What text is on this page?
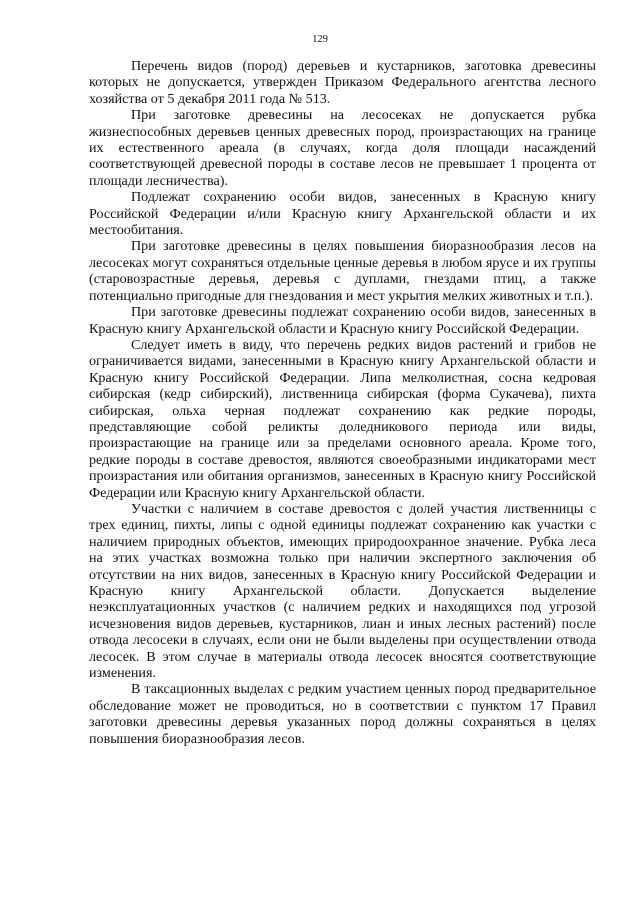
129

Перечень видов (пород) деревьев и кустарников, заготовка древесины которых не допускается, утвержден Приказом Федерального агентства лесного хозяйства от 5 декабря 2011 года № 513.

При заготовке древесины на лесосеках не допускается рубка жизнеспособных деревьев ценных древесных пород, произрастающих на границе их естественного ареала (в случаях, когда доля площади насаждений соответствующей древесной породы в составе лесов не превышает 1 процента от площади лесничества).

Подлежат сохранению особи видов, занесенных в Красную книгу Российской Федерации и/или Красную книгу Архангельской области и их местообитания.

При заготовке древесины в целях повышения биоразнообразия лесов на лесосеках могут сохраняться отдельные ценные деревья в любом ярусе и их группы (старовозрастные деревья, деревья с дуплами, гнездами птиц, а также потенциально пригодные для гнездования и мест укрытия мелких животных и т.п.).

При заготовке древесины подлежат сохранению особи видов, занесенных в Красную книгу Архангельской области и Красную книгу Российской Федерации.

Следует иметь в виду, что перечень редких видов растений и грибов не ограничивается видами, занесенными в Красную книгу Архангельской области и Красную книгу Российской Федерации. Липа мелколистная, сосна кедровая сибирская (кедр сибирский), лиственница сибирская (форма Сукачева), пихта сибирская, ольха черная подлежат сохранению как редкие породы, представляющие собой реликты доледникового периода или виды, произрастающие на границе или за пределами основного ареала. Кроме того, редкие породы в составе древостоя, являются своеобразными индикаторами мест произрастания или обитания организмов, занесенных в Красную книгу Российской Федерации или Красную книгу Архангельской области.

Участки с наличием в составе древостоя с долей участия лиственницы с трех единиц, пихты, липы с одной единицы подлежат сохранению как участки с наличием природных объектов, имеющих природоохранное значение. Рубка леса на этих участках возможна только при наличии экспертного заключения об отсутствии на них видов, занесенных в Красную книгу Российской Федерации и Красную книгу Архангельской области. Допускается выделение неэксплуатационных участков (с наличием редких и находящихся под угрозой исчезновения видов деревьев, кустарников, лиан и иных лесных растений) после отвода лесосеки в случаях, если они не были выделены при осуществлении отвода лесосек. В этом случае в материалы отвода лесосек вносятся соответствующие изменения.

В таксационных выделах с редким участием ценных пород предварительное обследование может не проводиться, но в соответствии с пунктом 17 Правил заготовки древесины деревья указанных пород должны сохраняться в целях повышения биоразнообразия лесов.
